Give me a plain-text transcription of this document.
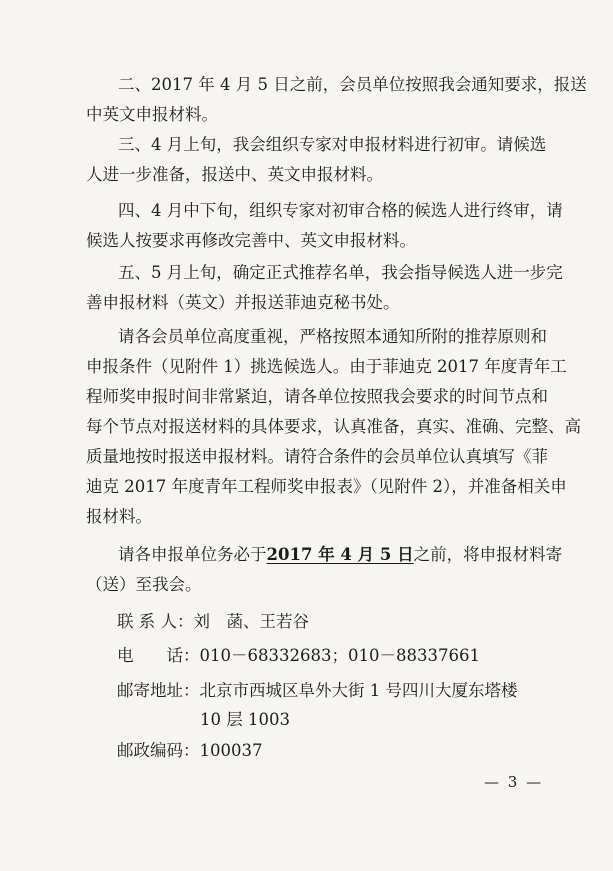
二、2017 年 4 月 5 日之前，会员单位按照我会通知要求，报送
中英文申报材料。
三、4 月上旬，我会组织专家对申报材料进行初审。请候选
人进一步准备，报送中、英文申报材料。
四、4 月中下旬，组织专家对初审合格的候选人进行终审，请
候选人按要求再修改完善中、英文申报材料。
五、5 月上旬，确定正式推荐名单，我会指导候选人进一步完
善申报材料（英文）并报送菲迪克秘书处。
请各会员单位高度重视，严格按照本通知所附的推荐原则和
申报条件（见附件 1）挑选候选人。由于菲迪克 2017 年度青年工
程师奖申报时间非常紧迫，请各单位按照我会要求的时间节点和
每个节点对报送材料的具体要求，认真准备，真实、准确、完整、高
质量地按时报送申报材料。请符合条件的会员单位认真填写《菲
迪克 2017 年度青年工程师奖申报表》（见附件 2），并准备相关申
报材料。
请各申报单位务必于2017 年 4 月 5 日之前，将申报材料寄
（送）至我会。
联 系 人：刘　菡、王若谷
电　　话：010－68332683；010－88337661
邮寄地址：北京市西城区阜外大街 1 号四川大厦东塔楼
10 层 1003
邮政编码：100037
— 3 —
